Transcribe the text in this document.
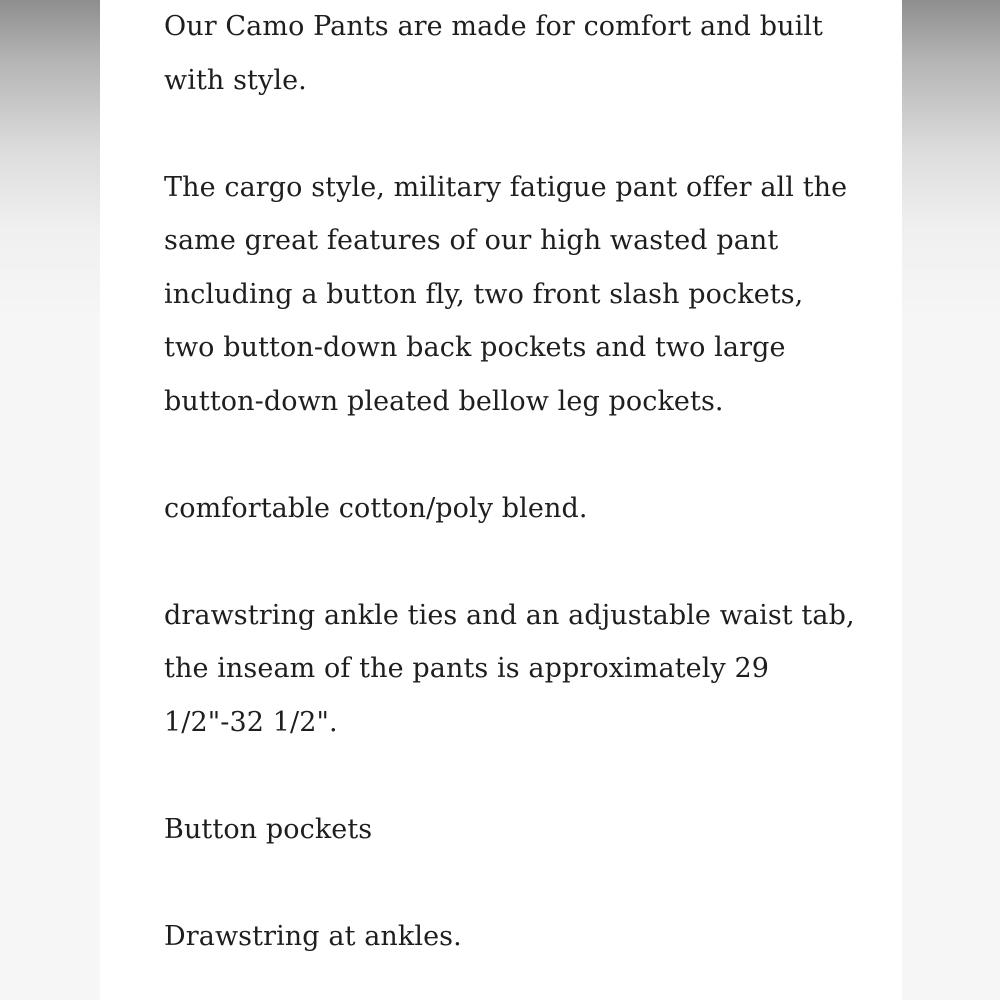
Our Camo Pants are made for comfort and built

with style.

The cargo style, military fatigue pant offer all the

same great features of our high wasted pant

including a button fly, two front slash pockets,

two button-down back pockets and two large

button-down pleated bellow leg pockets.

comfortable cotton/poly blend.

drawstring ankle ties and an adjustable waist tab,

the inseam of the pants is approximately 29

1/2"-32 1/2".

Button pockets

Drawstring at ankles.
